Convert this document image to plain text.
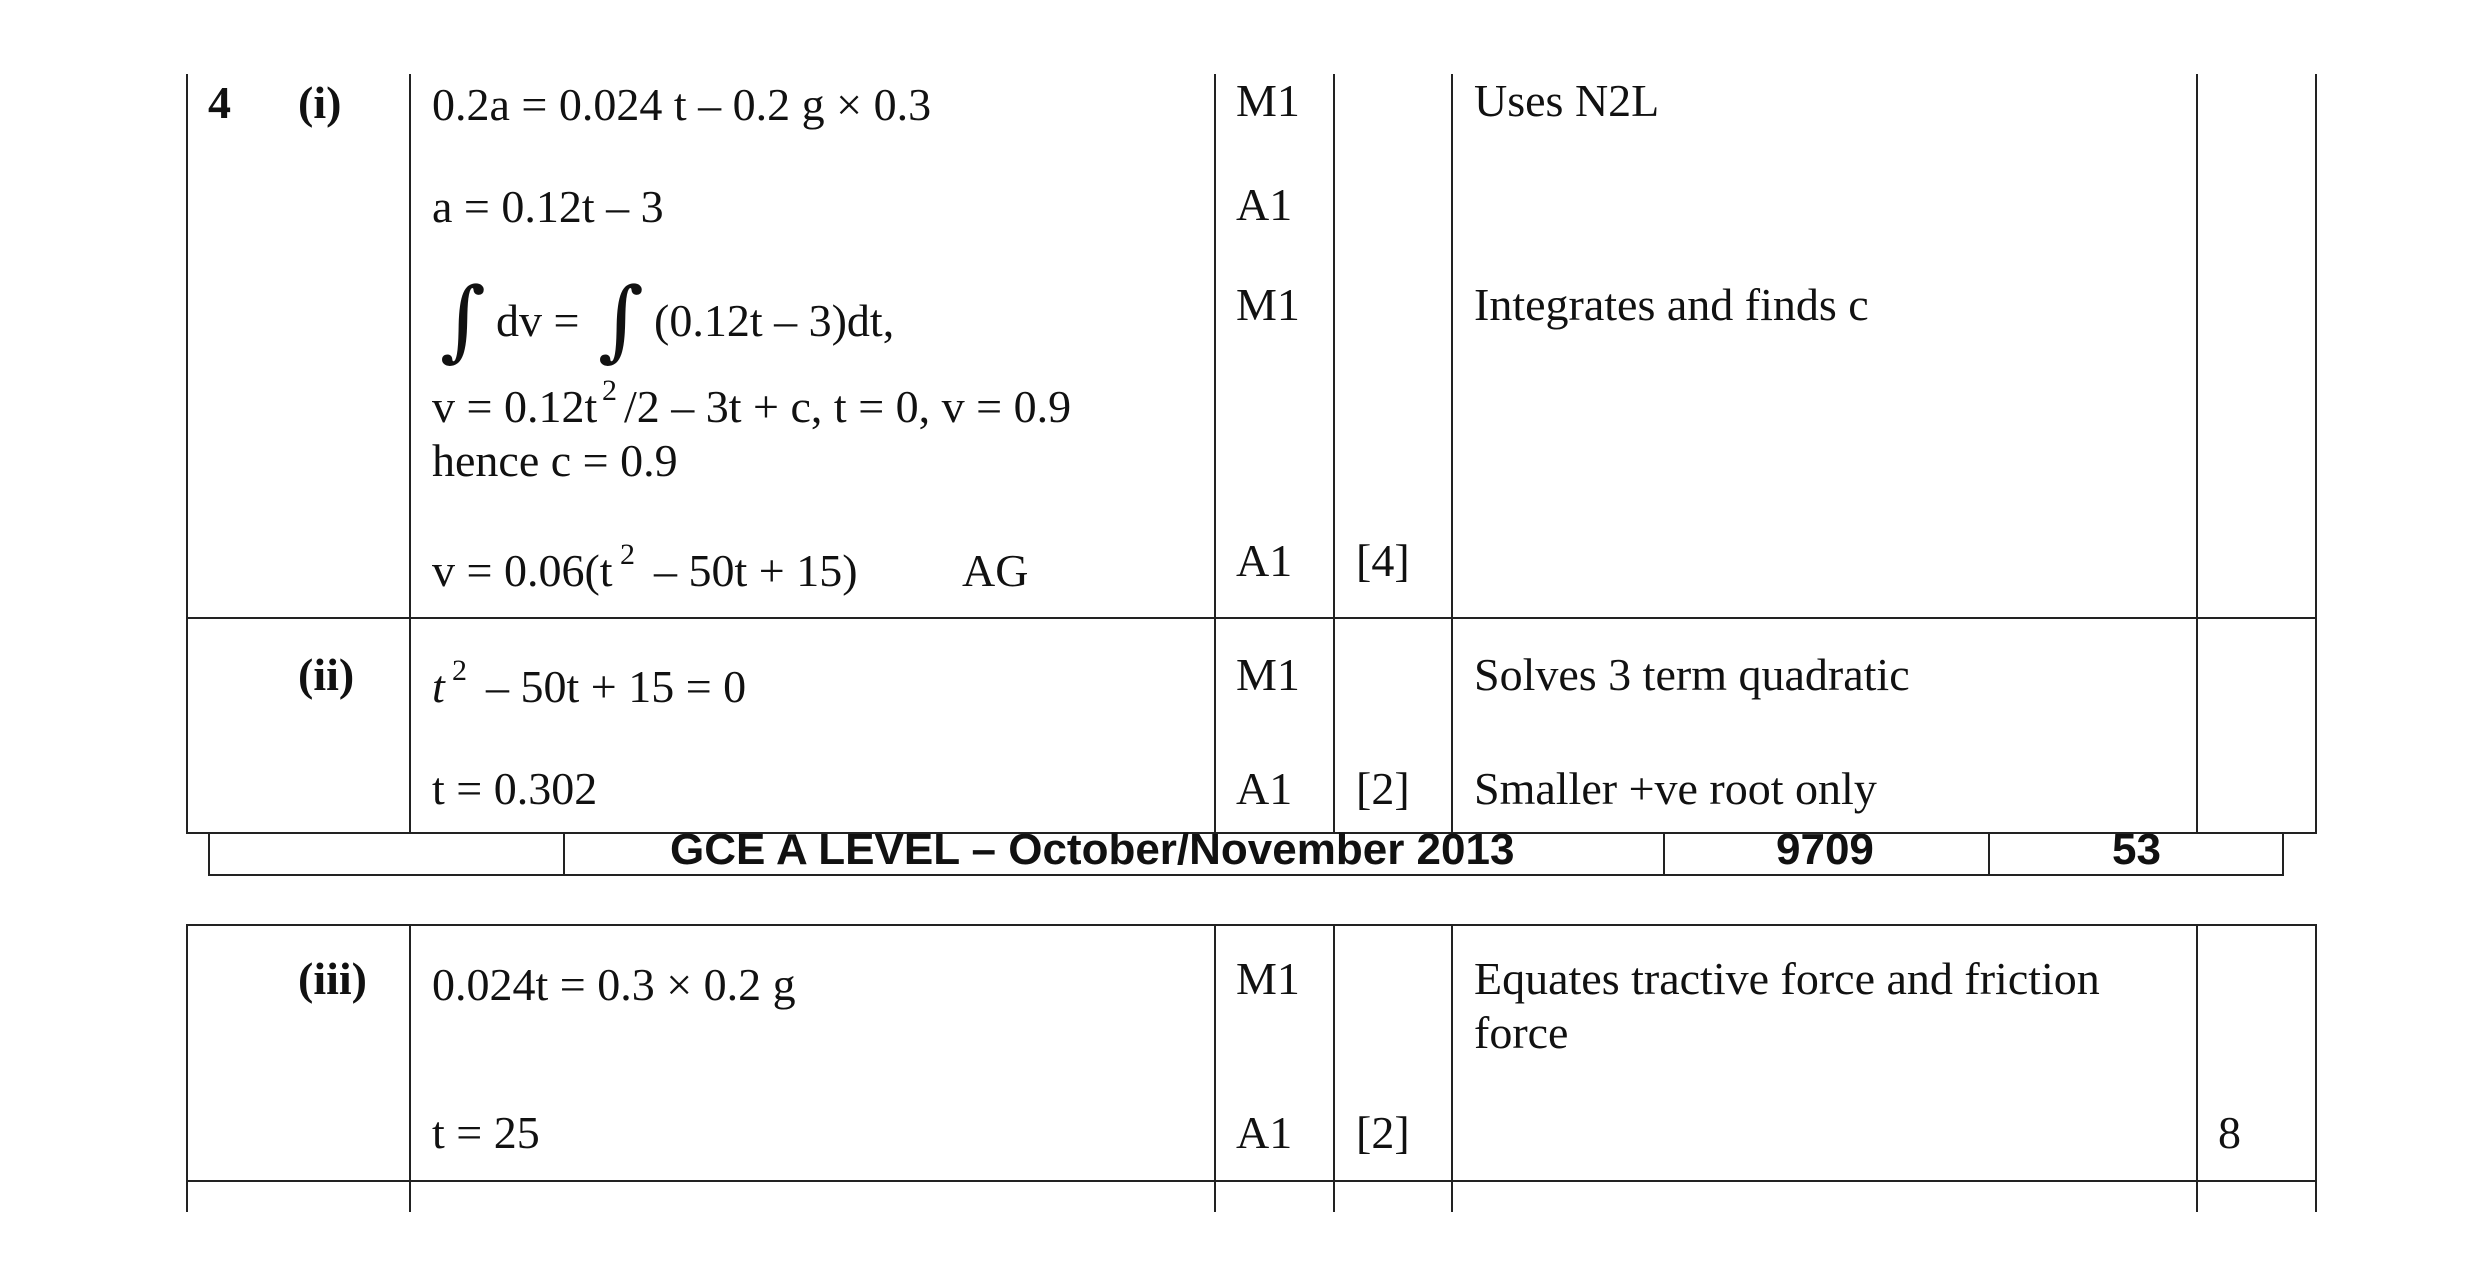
4 (i) 0.2a = 0.024 t – 0.2 g × 0.3
a = 0.12t – 3
∫ dv = ∫ (0.12t – 3)dt,
v = 0.12t 2 /2 – 3t + c, t = 0, v = 0.9
hence c = 0.9
v = 0.06(t 2 – 50t + 15) AG
M1
A1
M1
A1 [4]
Uses N2L
Integrates and finds c
(ii) t 2 – 50t + 15 = 0
t = 0.302
M1
A1 [2]
Solves 3 term quadratic
Smaller +ve root only
GCE A LEVEL – October/November 2013	9709	53
(iii) 0.024t = 0.3 × 0.2 g
t = 25
M1
A1 [2]
Equates tractive force and friction
force
8
